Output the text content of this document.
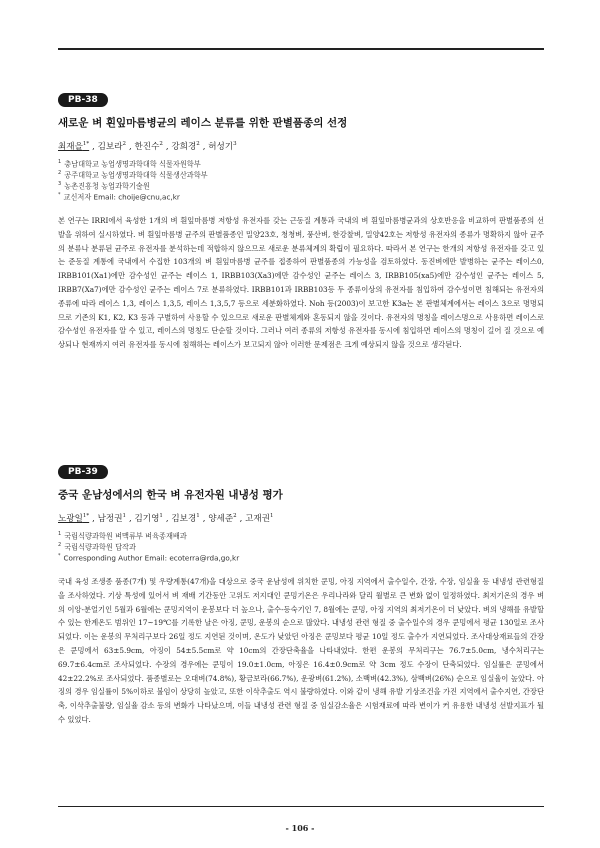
PB-38
새로운 벼 흰잎마름병균의 레이스 분류를 위한 판별품종의 선정
최재을$^{1*}$ , 김보라$^2$ , 한진수$^2$ , 강희경$^2$ , 허성기$^3$
$^1$ 충남대학교 농업생명과학대학 식물자원학부
$^2$ 공주대학교 농업생명과학대학 식물생산과학부
$^3$ 농촌진흥청 농업과학기술원
* 교신저자 Email: choije@cnu,ac,kr
본 연구는 IRRI에서 육성한 1개의 벼 흰잎마름병 저항성 유전자를 갖는 근동질 계통과 국내의 벼 흰잎마름병균과의 상호반응을 비교하여 판별품종의 선발을 위하여 실시하였다. 벼 흰잎마름병 균주의 판별품종인 밀양23호, 청청벼, 풍산벼, 한강찰벼, 밀양42호는 저항성 유전자의 종류가 명확하지 않아 균주의 분류나 분류된 균주로 유전자를 분석하는데 적합하지 않으므로 새로운 분류체계의 확립이 필요하다. 따라서 본 연구는 한개의 저항성 유전자를 갖고 있는 준동질 계통에 국내에서 수집한 103개의 벼 흰잎마름병 균주를 접종하여 판별품종의 가능성을 검토하였다. 동진벼에만 발병하는 균주는 레이스0, IRBB101(Xa1)에만 감수성인 균주는 레이스 1, IRBB103(Xa3)에만 감수성인 균주는 레이스 3, IRBB105(xa5)에만 감수성인 균주는 레이스 5, IRBB7(Xa7)에만 감수성인 균주는 레이스 7로 분류하였다. IRBB101과 IRBB103등 두 종류이상의 유전자를 침입하여 감수성이면 침해되는 유전자의 종류에 따라 레이스 1,3, 레이스 1,3,5, 레이스 1,3,5,7 등으로 세분화하였다. Noh 등(2003)이 보고한 K3a는 본 판별체계에서는 레이스 3으로 명명되므로 기존의 K1, K2, K3 등과 구별하여 사용할 수 있으므로 새로운 판별체계와 혼동되지 않을 것이다. 유전자의 명칭을 레이스명으로 사용하면 레이스로 감수성인 유전자를 알 수 있고, 레이스의 명칭도 단순할 것이다. 그러나 여러 종류의 저항성 유전자를 동시에 침입하면 레이스의 명칭이 길어 질 것으로 예상되나 현재까지 여러 유전자를 동시에 침해하는 레이스가 보고되지 않아 이러한 문제점은 크게 예상되지 않을 것으로 생각된다.
PB-39
중국 운남성에서의 한국 벼 유전자원 내냉성 평가
노광일$^{1*}$ , 남정권$^1$ , 김기영$^1$ , 김보경$^1$ , 양세준$^2$ , 고재권$^1$
$^1$ 국립식량과학원 벼맥류부 벼육종재배과
$^2$ 국립식량과학원 답작과
* Corresponding Author Email: ecoterra@rda,go,kr
국내 육성 조생종 품종(7개) 및 우량계통(47개)을 대상으로 중국 운남성에 위치한 쿤밍, 아징 지역에서 출수일수, 간장, 수장, 임실율 등 내냉성 관련형질을 조사하였다. 기상 특성에 있어서 벼 재배 기간동안 고위도 저지대인 쿤밍기온은 우리나라와 달리 월별로 큰 변화 없이 일정하였다. 최저기온의 경우 벼의 이앙-분얼기인 5월과 6월에는 쿤밍지역이 운봉보다 더 높으나, 출수-등숙기인 7, 8월에는 쿤밍, 아징 지역의 최저기온이 더 낮았다. 벼의 냉해를 유발할 수 있는 한계온도 범위인 17~19℃를 기록한 날은 아징, 쿤밍, 운봉의 순으로 많았다. 내냉성 관련 형질 중 출수일수의 경우 쿤밍에서 평균 130일로 조사되었다. 이는 운봉의 무처리구보다 26일 정도 지연된 것이며, 온도가 낮았던 아징은 쿤밍보다 평균 10일 정도 출수가 지연되었다. 조사대상재료들의 간장은 쿤밍에서 63±5.9cm, 아징이 54±5.5cm로 약 10cm의 간장단축율을 나타내었다. 한편 운봉의 무처리구는 76.7±5.0cm, 냉수처리구는 69.7±6.4cm로 조사되었다. 수장의 경우에는 쿤밍이 19.0±1.0cm, 아징은 16.4±0.9cm로 약 3cm 정도 수장이 단축되었다. 임실률은 쿤밍에서 42±22.2%로 조사되었다. 품종별로는 오대벼(74.8%), 황금보라(66.7%), 운광벼(61.2%), 소백벼(42.3%), 삼백벼(26%) 순으로 임실율이 높았다. 아징의 경우 임실률이 5%이하로 불임이 상당히 높았고, 또한 이삭추출도 역시 불량하였다. 이와 같이 냉해 유발 기상조건을 가진 지역에서 출수지연, 간장단축, 이삭추출불량, 임실율 감소 등의 변화가 나타났으며, 이들 내냉성 관련 형질 중 임실감소율은 시험재료에 따라 변이가 커 유용한 내냉성 선발지표가 될 수 있었다.
- 106 -
